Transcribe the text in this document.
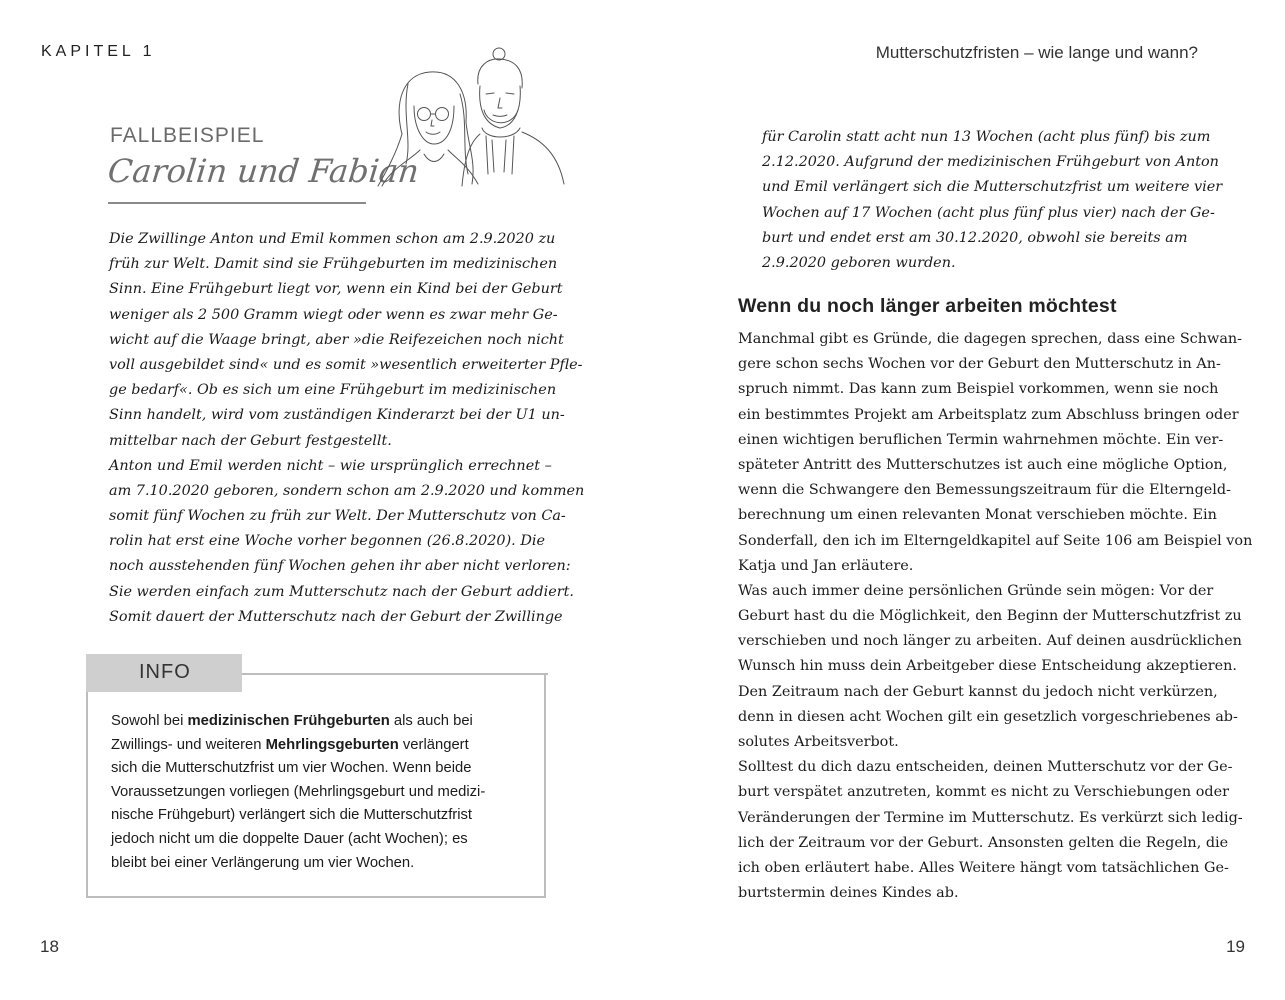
KAPITEL 1	Mutterschutzfristen – wie lange und wann?
18	19
FALLBEISPIEL
Carolin und Fabian
Die Zwillinge Anton und Emil kommen schon am 2.9.2020 zu
früh zur Welt. Damit sind sie Frühgeburten im medizinischen
Sinn. Eine Frühgeburt liegt vor, wenn ein Kind bei der Geburt
weniger als 2 500 Gramm wiegt oder wenn es zwar mehr Ge-
wicht auf die Waage bringt, aber »die Reifezeichen noch nicht
voll ausgebildet sind« und es somit »wesentlich erweiterter Pfle-
ge bedarf«. Ob es sich um eine Frühgeburt im medizinischen
Sinn handelt, wird vom zuständigen Kinderarzt bei der U1 un-
mittelbar nach der Geburt festgestellt.
Anton und Emil werden nicht – wie ursprünglich errechnet –
am 7.10.2020 geboren, sondern schon am 2.9.2020 und kommen
somit fünf Wochen zu früh zur Welt. Der Mutterschutz von Ca-
rolin hat erst eine Woche vorher begonnen (26.8.2020). Die
noch ausstehenden fünf Wochen gehen ihr aber nicht verloren:
Sie werden einfach zum Mutterschutz nach der Geburt addiert.
Somit dauert der Mutterschutz nach der Geburt der Zwillinge
für Carolin statt acht nun 13 Wochen (acht plus fünf) bis zum
2.12.2020. Aufgrund der medizinischen Frühgeburt von Anton
und Emil verlängert sich die Mutterschutzfrist um weitere vier
Wochen auf 17 Wochen (acht plus fünf plus vier) nach der Ge-
burt und endet erst am 30.12.2020, obwohl sie bereits am
2.9.2020 geboren wurden.
Wenn du noch länger arbeiten möchtest
Manchmal gibt es Gründe, die dagegen sprechen, dass eine Schwan-
gere schon sechs Wochen vor der Geburt den Mutterschutz in An-
spruch nimmt. Das kann zum Beispiel vorkommen, wenn sie noch
ein bestimmtes Projekt am Arbeitsplatz zum Abschluss bringen oder
einen wichtigen beruflichen Termin wahrnehmen möchte. Ein ver-
späteter Antritt des Mutterschutzes ist auch eine mögliche Option,
wenn die Schwangere den Bemessungszeitraum für die Elterngeld-
berechnung um einen relevanten Monat verschieben möchte. Ein
Sonderfall, den ich im Elterngeldkapitel auf Seite 106 am Beispiel von
Katja und Jan erläutere.
Was auch immer deine persönlichen Gründe sein mögen: Vor der
Geburt hast du die Möglichkeit, den Beginn der Mutterschutzfrist zu
verschieben und noch länger zu arbeiten. Auf deinen ausdrücklichen
Wunsch hin muss dein Arbeitgeber diese Entscheidung akzeptieren.
Den Zeitraum nach der Geburt kannst du jedoch nicht verkürzen,
denn in diesen acht Wochen gilt ein gesetzlich vorgeschriebenes ab-
solutes Arbeitsverbot.
Solltest du dich dazu entscheiden, deinen Mutterschutz vor der Ge-
burt verspätet anzutreten, kommt es nicht zu Verschiebungen oder
Veränderungen der Termine im Mutterschutz. Es verkürzt sich ledig-
lich der Zeitraum vor der Geburt. Ansonsten gelten die Regeln, die
ich oben erläutert habe. Alles Weitere hängt vom tatsächlichen Ge-
burtstermin deines Kindes ab.
INFO
Sowohl bei medizinischen Frühgeburten als auch bei
Zwillings- und weiteren Mehrlingsgeburten verlängert
sich die Mutterschutzfrist um vier Wochen. Wenn beide
Voraussetzungen vorliegen (Mehrlingsgeburt und medizi-
nische Frühgeburt) verlängert sich die Mutterschutzfrist
jedoch nicht um die doppelte Dauer (acht Wochen); es
bleibt bei einer Verlängerung um vier Wochen.
